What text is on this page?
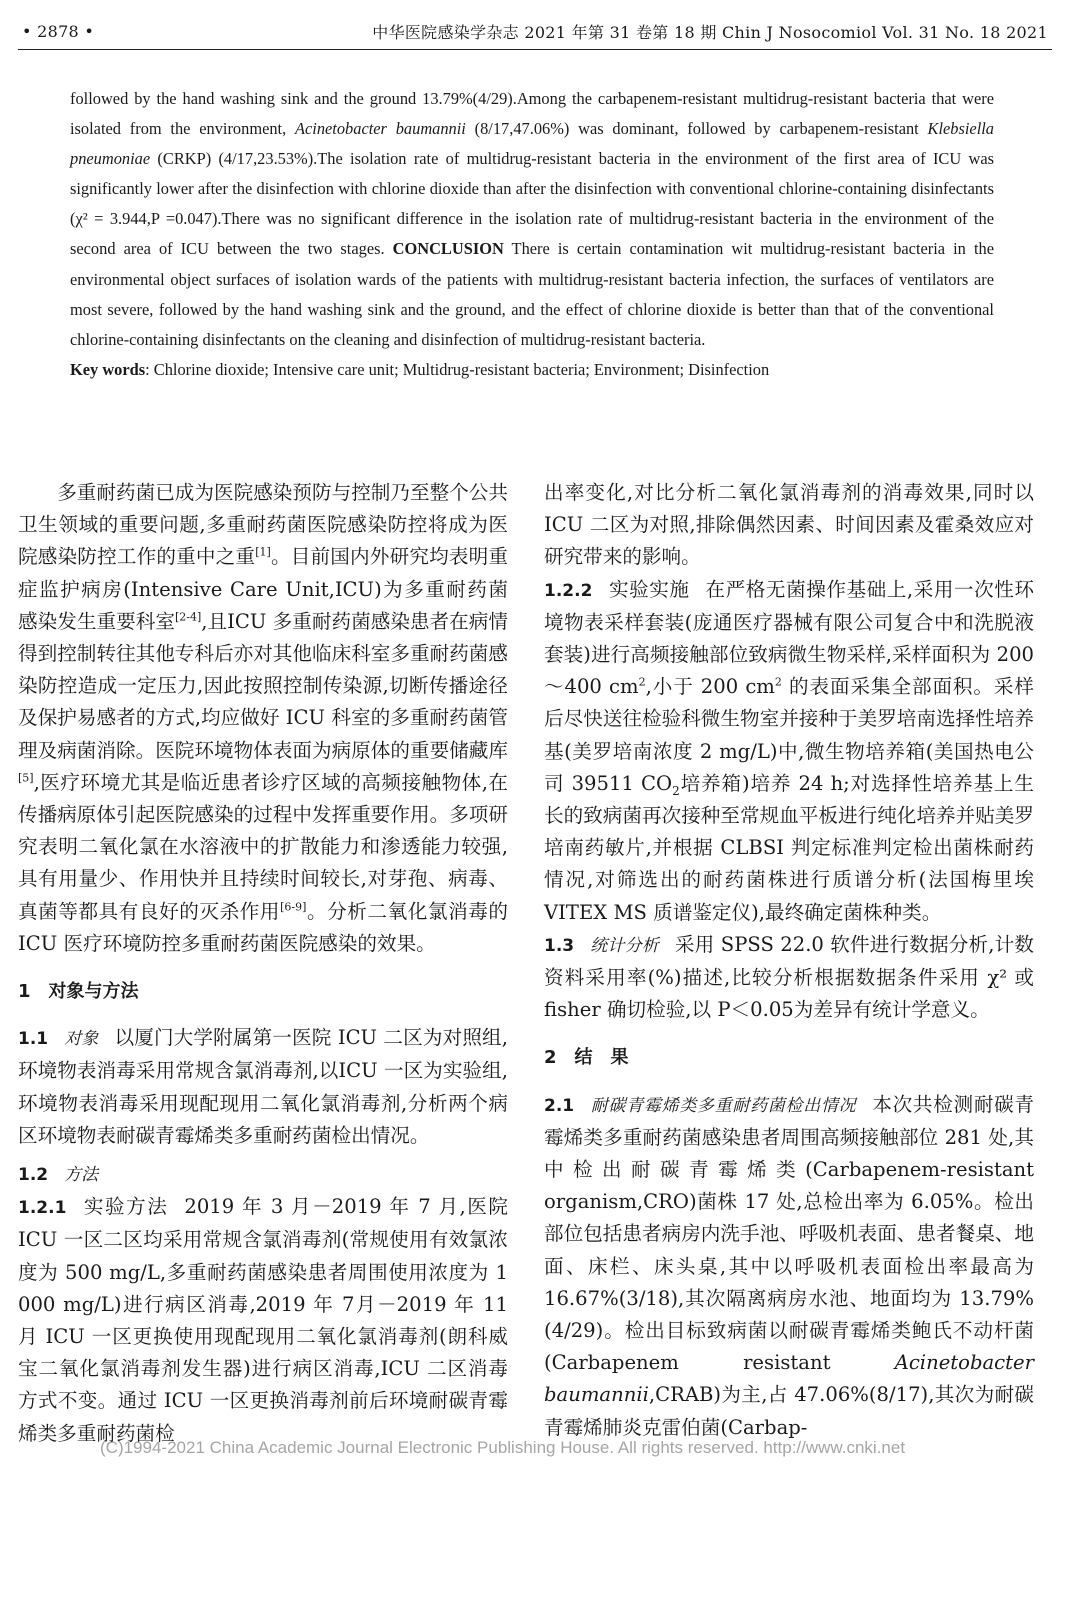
• 2878 •	中华医院感染学杂志 2021 年第 31 卷第 18 期 Chin J Nosocomiol Vol. 31 No. 18 2021

followed by the hand washing sink and the ground 13.79%(4/29).Among the carbapenem-resistant multidrug-resistant bacteria that were isolated from the environment, Acinetobacter baumannii (8/17,47.06%) was dominant, followed by carbapenem-resistant Klebsiella pneumoniae (CRKP) (4/17,23.53%).The isolation rate of multidrug-resistant bacteria in the environment of the first area of ICU was significantly lower after the disinfection with chlorine dioxide than after the disinfection with conventional chlorine-containing disinfectants (χ² = 3.944,P =0.047).There was no significant difference in the isolation rate of multidrug-resistant bacteria in the environment of the second area of ICU between the two stages. CONCLUSION There is certain contamination wit multidrug-resistant bacteria in the environmental object surfaces of isolation wards of the patients with multidrug-resistant bacteria infection, the surfaces of ventilators are most severe, followed by the hand washing sink and the ground, and the effect of chlorine dioxide is better than that of the conventional chlorine-containing disinfectants on the cleaning and disinfection of multidrug-resistant bacteria.

Key words: Chlorine dioxide; Intensive care unit; Multidrug-resistant bacteria; Environment; Disinfection

多重耐药菌已成为医院感染预防与控制乃至整个公共卫生领域的重要问题,多重耐药菌医院感染防控将成为医院感染防控工作的重中之重[1]。目前国内外研究均表明重症监护病房(Intensive Care Unit,ICU)为多重耐药菌感染发生重要科室[2-4],且ICU 多重耐药菌感染患者在病情得到控制转往其他专科后亦对其他临床科室多重耐药菌感染防控造成一定压力,因此按照控制传染源,切断传播途径及保护易感者的方式,均应做好 ICU 科室的多重耐药菌管理及病菌消除。医院环境物体表面为病原体的重要储藏库[5],医疗环境尤其是临近患者诊疗区域的高频接触物体,在传播病原体引起医院感染的过程中发挥重要作用。多项研究表明二氧化氯在水溶液中的扩散能力和渗透能力较强,具有用量少、作用快并且持续时间较长,对芽孢、病毒、真菌等都具有良好的灭杀作用[6-9]。分析二氧化氯消毒的 ICU 医疗环境防控多重耐药菌医院感染的效果。

1　 对象与方法

1.1 对象 以厦门大学附属第一医院 ICU 二区为对照组,环境物表消毒采用常规含氯消毒剂,以ICU 一区为实验组,环境物表消毒采用现配现用二氧化氯消毒剂,分析两个病区环境物表耐碳青霉烯类多重耐药菌检出情况。

1.2 方法

1.2.1 实验方法 2019 年 3 月－2019 年 7 月,医院 ICU 一区二区均采用常规含氯消毒剂(常规使用有效氯浓度为 500 mg/L,多重耐药菌感染患者周围使用浓度为 1 000 mg/L)进行病区消毒,2019 年 7月－2019 年 11 月 ICU 一区更换使用现配现用二氧化氯消毒剂(朗科威宝二氧化氯消毒剂发生器)进行病区消毒,ICU 二区消毒方式不变。通过 ICU 一区更换消毒剂前后环境耐碳青霉烯类多重耐药菌检

出率变化,对比分析二氧化氯消毒剂的消毒效果,同时以 ICU 二区为对照,排除偶然因素、时间因素及霍桑效应对研究带来的影响。

1.2.2 实验实施 在严格无菌操作基础上,采用一次性环境物表采样套装(庞通医疗器械有限公司复合中和洗脱液套装)进行高频接触部位致病微生物采样,采样面积为 200～400 $cm^2$,小于 200 $cm^2$ 的表面采集全部面积。采样后尽快送往检验科微生物室并接种于美罗培南选择性培养基(美罗培南浓度 2 mg/L)中,微生物培养箱(美国热电公司 39511 $CO_2$培养箱)培养 24 h;对选择性培养基上生长的致病菌再次接种至常规血平板进行纯化培养并贴美罗培南药敏片,并根据 CLBSI 判定标准判定检出菌株耐药情况,对筛选出的耐药菌株进行质谱分析(法国梅里埃 VITEX MS 质谱鉴定仪),最终确定菌株种类。

1.3 统计分析 采用 SPSS 22.0 软件进行数据分析,计数资料采用率(%)描述,比较分析根据数据条件采用 χ² 或 fisher 确切检验,以 P＜0.05为差异有统计学意义。

2　 结　果

2.1 耐碳青霉烯类多重耐药菌检出情况 本次共检测耐碳青霉烯类多重耐药菌感染患者周围高频接触部位 281 处,其中检出耐碳青霉烯类(Carbapenem-resistant organism,CRO)菌株 17 处,总检出率为 6.05%。检出部位包括患者病房内洗手池、呼吸机表面、患者餐桌、地面、床栏、床头桌,其中以呼吸机表面检出率最高为 16.67%(3/18),其次隔离病房水池、地面均为 13.79%(4/29)。检出目标致病菌以耐碳青霉烯类鲍氏不动杆菌(Carbapenem resistant Acinetobacter baumannii,CRAB)为主,占 47.06%(8/17),其次为耐碳青霉烯肺炎克雷伯菌(Carbap-

(C)1994-2021 China Academic Journal Electronic Publishing House. All rights reserved. http://www.cnki.net
